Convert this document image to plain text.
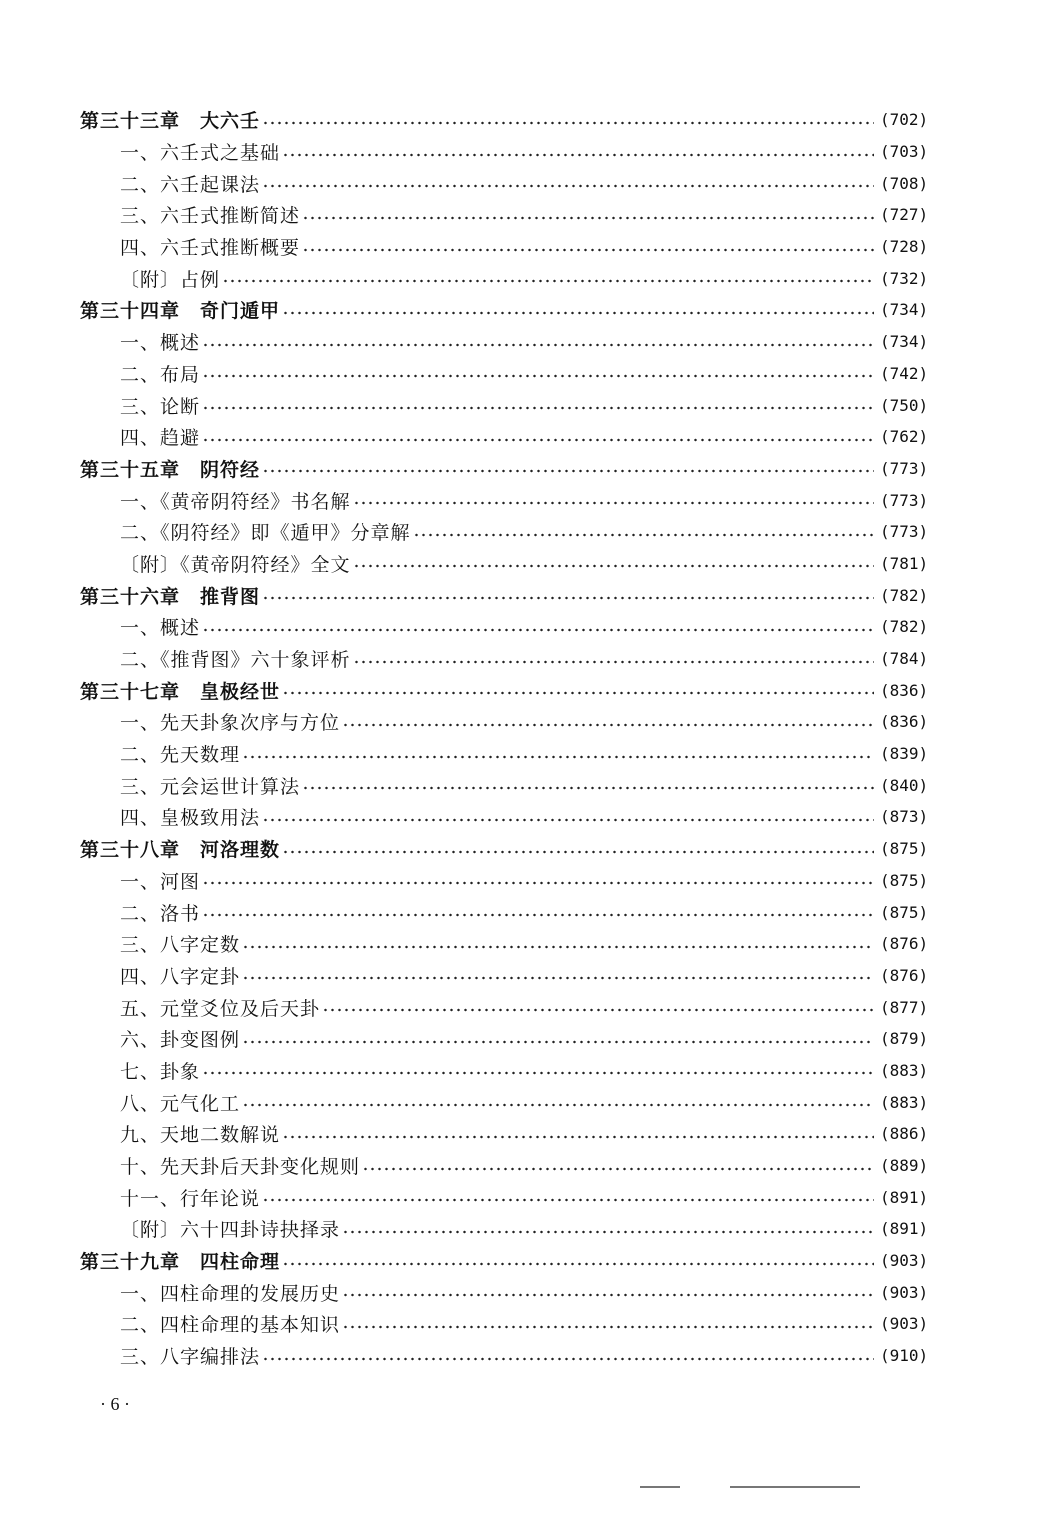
第三十三章　大六壬	(702)
一、六壬式之基础	(703)
二、六壬起课法	(708)
三、六壬式推断简述	(727)
四、六壬式推断概要	(728)
〔附〕占例	(732)
第三十四章　奇门遁甲	(734)
一、概述	(734)
二、布局	(742)
三、论断	(750)
四、趋避	(762)
第三十五章　阴符经	(773)
一、《黄帝阴符经》书名解	(773)
二、《阴符经》即《遁甲》分章解	(773)
〔附〕《黄帝阴符经》全文	(781)
第三十六章　推背图	(782)
一、概述	(782)
二、《推背图》六十象评析	(784)
第三十七章　皇极经世	(836)
一、先天卦象次序与方位	(836)
二、先天数理	(839)
三、元会运世计算法	(840)
四、皇极致用法	(873)
第三十八章　河洛理数	(875)
一、河图	(875)
二、洛书	(875)
三、八字定数	(876)
四、八字定卦	(876)
五、元堂爻位及后天卦	(877)
六、卦变图例	(879)
七、卦象	(883)
八、元气化工	(883)
九、天地二数解说	(886)
十、先天卦后天卦变化规则	(889)
十一、行年论说	(891)
〔附〕六十四卦诗抉择录	(891)
第三十九章　四柱命理	(903)
一、四柱命理的发展历史	(903)
二、四柱命理的基本知识	(903)
三、八字编排法	(910)
· 6 ·
